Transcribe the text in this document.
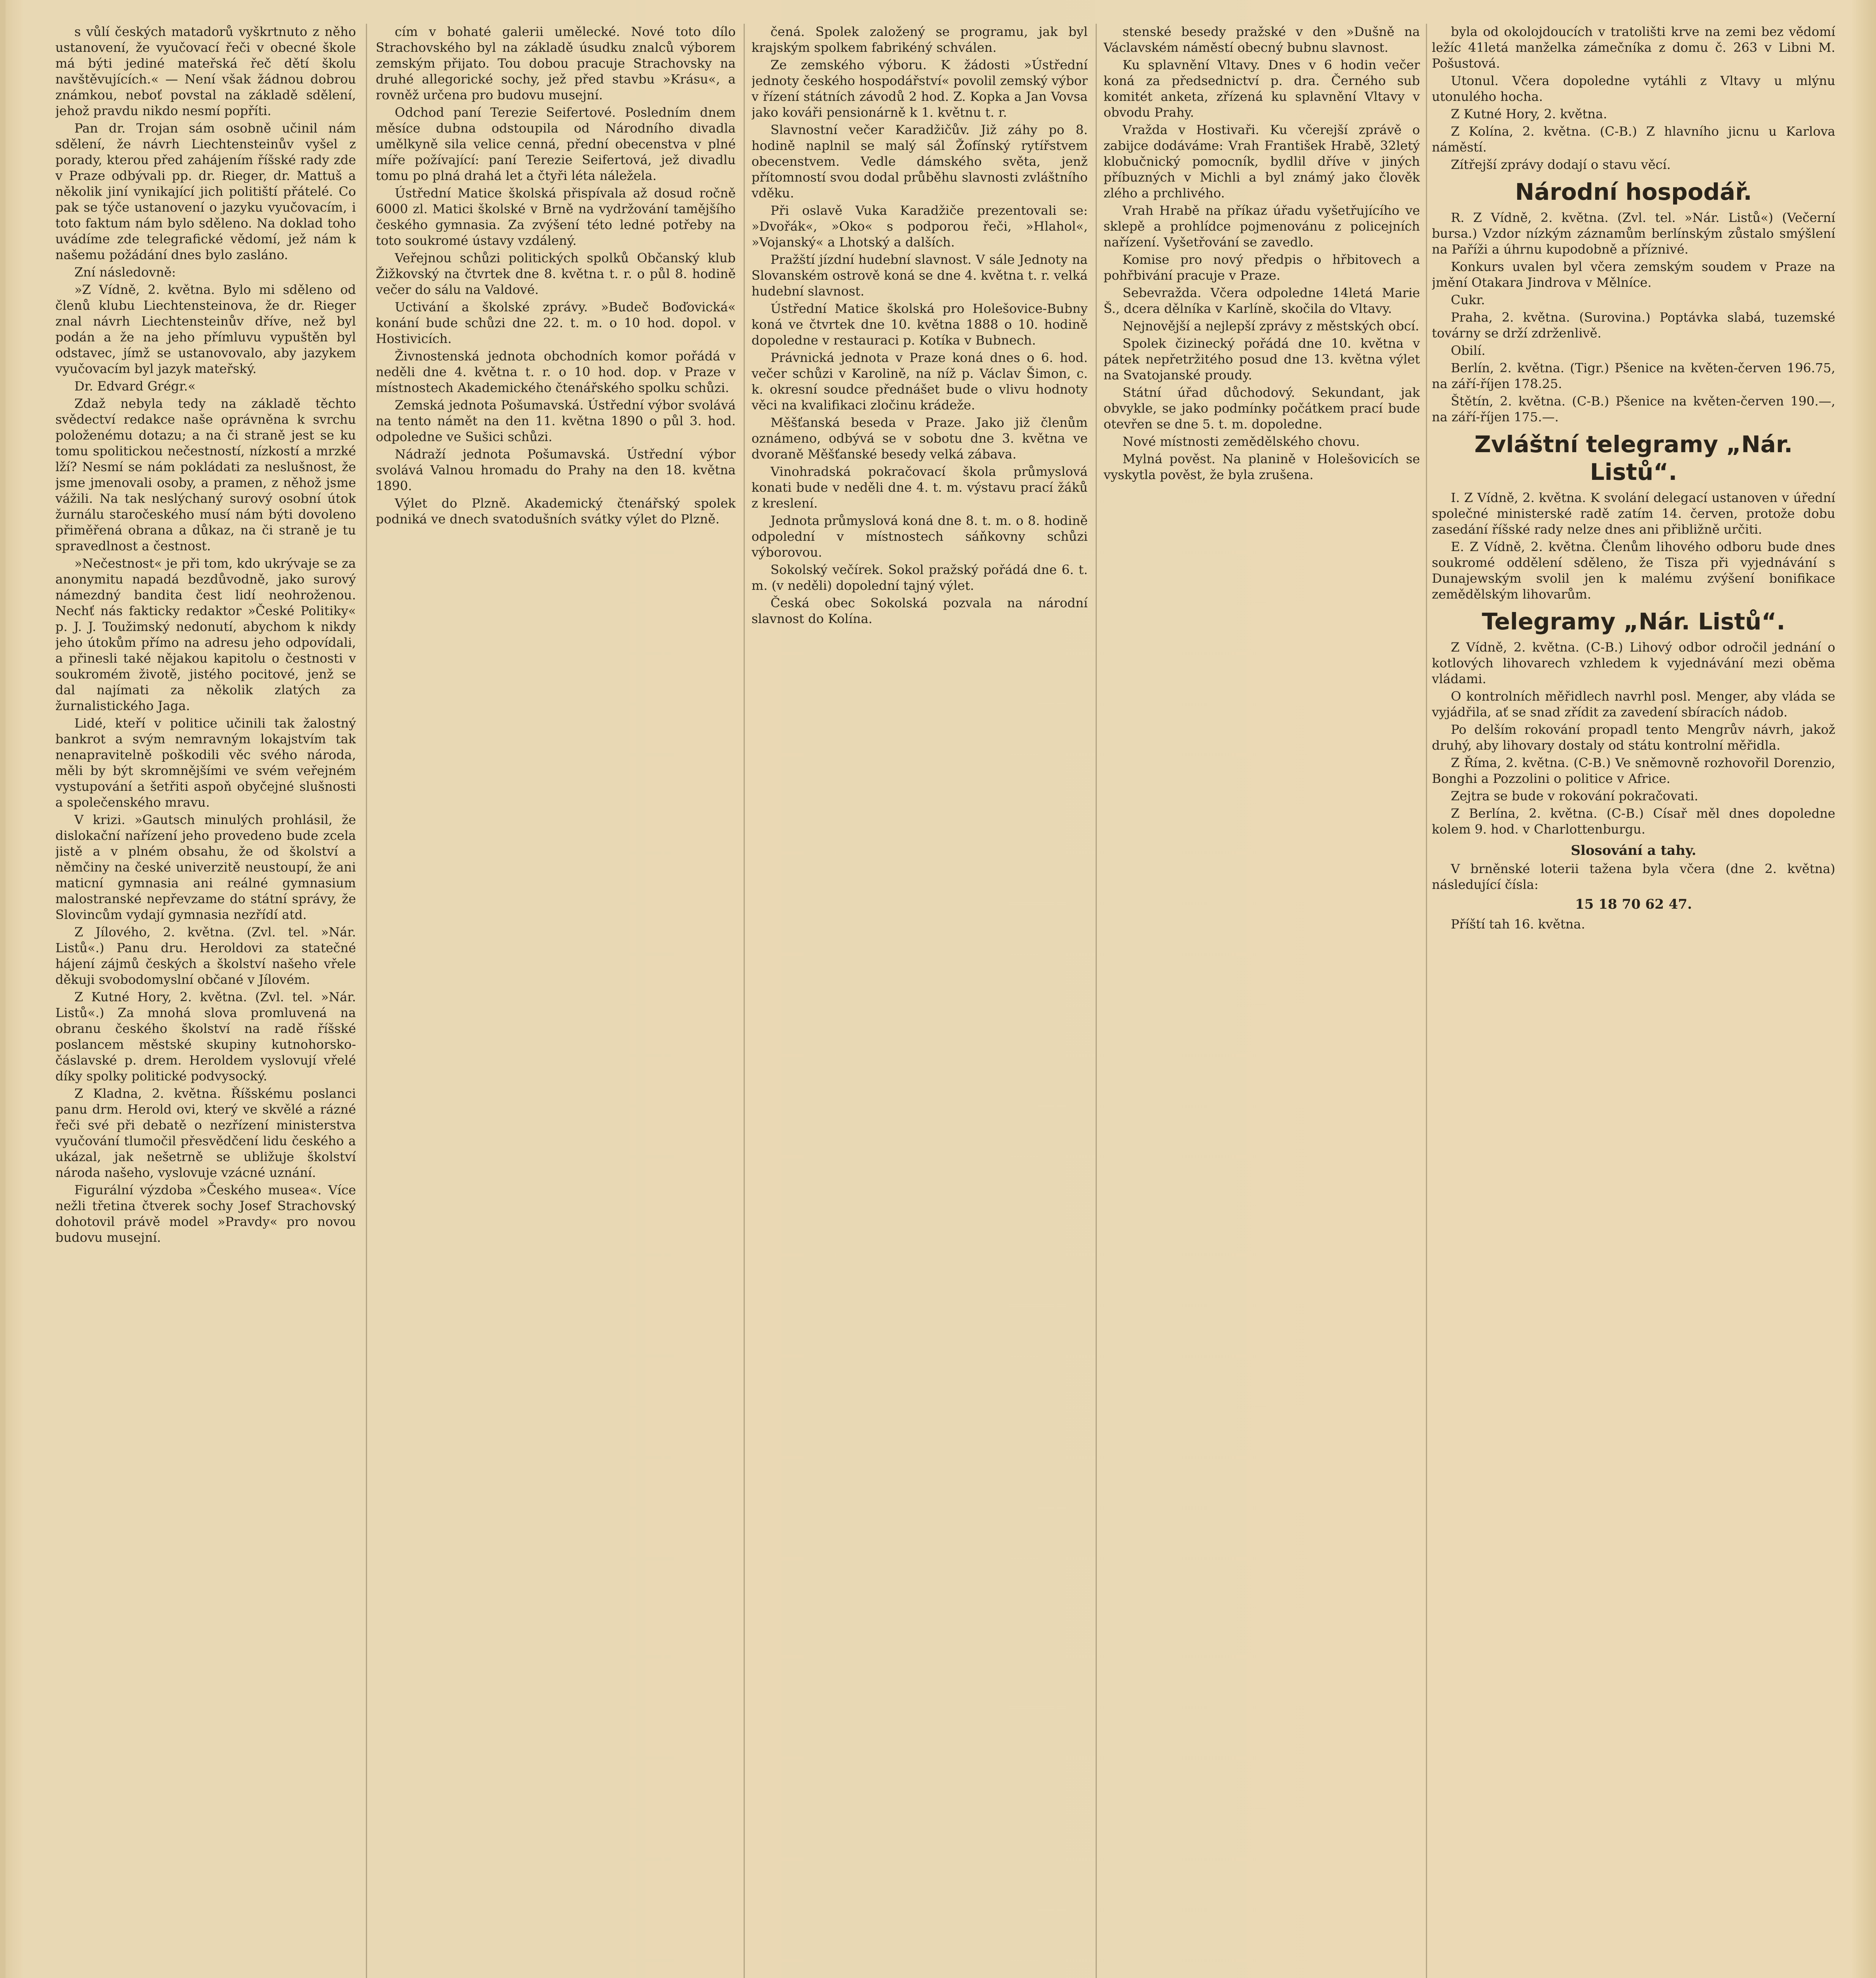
s vůlí českých matadorů vyškrtnuto z něho ustanovení, že vyučovací řeči v obecné škole má býti jediné mateřská řeč dětí školu navštěvujících.« — Není však žádnou dobrou známkou, neboť povstal na základě sdělení, jehož pravdu nikdo nesmí popříti.

Pan dr. Trojan sám osobně učinil nám sdělení, že návrh Liechtensteinův vyšel z porady, kterou před zahájením říšské rady zde v Praze odbývali pp. dr. Rieger, dr. Mattuš a několik jiní vynikající jich politiští přátelé. Co pak se týče ustanovení o jazyku vyučovacím, i toto faktum nám bylo sděleno. Na doklad toho uvádíme zde telegrafické vědomí, jež nám k našemu požádání dnes bylo zasláno.

Zní následovně:

»Z Vídně, 2. května. Bylo mi sděleno od členů klubu Liechtensteinova, že dr. Rieger znal návrh Liechtensteinův dříve, než byl podán a že na jeho přímluvu vypuštěn byl odstavec, jímž se ustanovovalo, aby jazykem vyučovacím byl jazyk mateřský.

Dr. Edvard Grégr.«

Zdaž nebyla tedy na základě těchto svědectví redakce naše oprávněna k svrchu položenému dotazu; a na či straně jest se ku tomu spolitickou nečestností, nízkostí a mrzké lží? Nesmí se nám pokládati za neslušnost, že jsme jmenovali osoby, a pramen, z něhož jsme vážili. Na tak neslýchaný surový osobní útok žurnálu staročeského musí nám býti dovoleno přiměřená obrana a důkaz, na či straně je tu spravedlnost a čestnost.

»Nečestnost« je při tom, kdo ukrývaje se za anonymitu napadá bezdůvodně, jako surový námezdný bandita čest lidí neohroženou. Nechť nás fakticky redaktor »České Politiky« p. J. J. Toužimský nedonutí, abychom k nikdy jeho útokům přímo na adresu jeho odpovídali, a přinesli také nějakou kapitolu o čestnosti v soukromém životě, jistého pocitové, jenž se dal najímati za několik zlatých za žurnalistického Jaga.

Lidé, kteří v politice učinili tak žalostný bankrot a svým nemravným lokajstvím tak nenapravitelně poškodili věc svého národa, měli by být skromnějšími ve svém veřejném vystupování a šetřiti aspoň obyčejné slušnosti a společenského mravu.

V krizi. »Gautsch minulých prohlásil, že dislokační nařízení jeho provedeno bude zcela jistě a v plném obsahu, že od školství a němčiny na české univerzitě neustoupí, že ani maticní gymnasia ani reálné gymnasium malostranské nepřevzame do státní správy, že Slovincům vydají gymnasia nezřídí atd.

Z Jílového, 2. května. (Zvl. tel. »Nár. Listů«.) Panu dru. Heroldovi za statečné hájení zájmů českých a školství našeho vřele děkuji svobodomyslní občané v Jílovém.

Z Kutné Hory, 2. května. (Zvl. tel. »Nár. Listů«.) Za mnohá slova promluvená na obranu českého školství na radě říšské poslancem městské skupiny kutnohorsko-čáslavské p. drem. Heroldem vyslovují vřelé díky spolky politické podvysocký.

Z Kladna, 2. května. Říšskému poslanci panu drm. Herold ovi, který ve skvělé a rázné řeči své při debatě o nezřízení ministerstva vyučování tlumočil přesvědčení lidu českého a ukázal, jak nešetrně se ubližuje školství národa našeho, vyslovuje vzácné uznání.

Figurální výzdoba »Českého musea«. Více nežli třetina čtverek sochy Josef Strachovský dohotovil právě model »Pravdy« pro novou budovu musejní.

cím v bohaté galerii umělecké. Nové toto dílo Strachovského byl na základě úsudku znalců výborem zemským přijato. Tou dobou pracuje Strachovsky na druhé allegorické sochy, jež před stavbu »Krásu«, a rovněž určena pro budovu musejní.

Odchod paní Terezie Seifertové. Posledním dnem měsíce dubna odstoupila od Národního divadla umělkyně sila velice cenná, přední obecenstva v plné míře požívající: paní Terezie Seifertová, jež divadlu tomu po plná drahá let a čtyři léta náležela.

Ústřední Matice školská přispívala až dosud ročně 6000 zl. Matici školské v Brně na vydržování tamějšího českého gymnasia. Za zvýšení této ledné potřeby na toto soukromé ústavy vzdálený.

Veřejnou schůzi politických spolků Občanský klub Žižkovský na čtvrtek dne 8. května t. r. o půl 8. hodině večer do sálu na Valdové.

Uctivání a školské zprávy. »Budeč Boďovická« konání bude schůzi dne 22. t. m. o 10 hod. dopol. v Hostivicích.

Živnostenská jednota obchodních komor pořádá v neděli dne 4. května t. r. o 10 hod. dop. v Praze v místnostech Akademického čtenářského spolku schůzi.

Zemská jednota Pošumavská. Ústřední výbor svolává na tento námět na den 11. května 1890 o půl 3. hod. odpoledne ve Sušici schůzi.

Nádraží jednota Pošumavská. Ústřední výbor svolává Valnou hromadu do Prahy na den 18. května 1890.

Výlet do Plzně. Akademický čtenářský spolek podniká ve dnech svatodušních svátky výlet do Plzně.

čená. Spolek založený se programu, jak byl krajským spolkem fabrikéný schválen.

Ze zemského výboru. K žádosti »Ústřední jednoty českého hospodářství« povolil zemský výbor v řízení státních závodů 2 hod. Z. Kopka a Jan Vovsa jako kováři pensionárně k 1. květnu t. r.

Slavnostní večer Karadžičův. Již záhy po 8. hodině naplnil se malý sál Žofínský rytířstvem obecenstvem. Vedle dámského světa, jenž přítomností svou dodal průběhu slavnosti zvláštního vděku.

Při oslavě Vuka Karadžiče prezentovali se: »Dvořák«, »Oko« s podporou řeči, »Hlahol«, »Vojanský« a Lhotský a dalších.

Pražští jízdní hudební slavnost. V sále Jednoty na Slovanském ostrově koná se dne 4. května t. r. velká hudební slavnost.

Ústřední Matice školská pro Holešovice-Bubny koná ve čtvrtek dne 10. května 1888 o 10. hodině dopoledne v restauraci p. Kotíka v Bubnech.

Právnická jednota v Praze koná dnes o 6. hod. večer schůzi v Karolině, na níž p. Václav Šimon, c. k. okresní soudce přednášet bude o vlivu hodnoty věci na kvalifikaci zločinu krádeže.

Měšťanská beseda v Praze. Jako již členům oznámeno, odbývá se v sobotu dne 3. května ve dvoraně Měšťanské besedy velká zábava.

Vinohradská pokračovací škola průmyslová konati bude v neděli dne 4. t. m. výstavu prací žáků z kreslení.

Jednota průmyslová koná dne 8. t. m. o 8. hodině odpolední v místnostech sáňkovny schůzi výborovou.

Sokolský večírek. Sokol pražský pořádá dne 6. t. m. (v neděli) dopolední tajný výlet.

Česká obec Sokolská pozvala na národní slavnost do Kolína.

stenské besedy pražské v den »Dušně na Václavském náměstí obecný bubnu slavnost.

Ku splavnění Vltavy. Dnes v 6 hodin večer koná za předsednictví p. dra. Černého sub komitét anketa, zřízená ku splavnění Vltavy v obvodu Prahy.

Vražda v Hostivaři. Ku včerejší zprávě o zabijce dodáváme: Vrah František Hrabě, 32letý klobučnický pomocník, bydlil dříve v jiných příbuzných v Michli a byl známý jako člověk zlého a prchlivého.

Vrah Hrabě na příkaz úřadu vyšetřujícího ve sklepě a prohlídce pojmenovánu z policejních nařízení. Vyšetřování se zavedlo.

Komise pro nový předpis o hřbitovech a pohřbivání pracuje v Praze.

Sebevražda. Včera odpoledne 14letá Marie Š., dcera dělníka v Karlíně, skočila do Vltavy.

Nejnovější a nejlepší zprávy z městských obcí.

Spolek čizinecký pořádá dne 10. května v pátek nepřetržitého posud dne 13. května výlet na Svatojanské proudy.

Státní úřad důchodový. Sekundant, jak obvykle, se jako podmínky počátkem prací bude otevřen se dne 5. t. m. dopoledne.

Nové místnosti zemědělského chovu.

Mylná pověst. Na planině v Holešovicích se vyskytla pověst, že byla zrušena.

byla od okolojdoucích v tratolišti krve na zemi bez vědomí ležíc 41letá manželka zámečníka z domu č. 263 v Libni M. Pošustová.

Utonul. Včera dopoledne vytáhli z Vltavy u mlýnu utonulého hocha.

Z Kutné Hory, 2. května.

Z Kolína, 2. května. (C-B.) Z hlavního jicnu u Karlova náměstí.

Zítřejší zprávy dodají o stavu věcí.

Národní hospodář.

R. Z Vídně, 2. května. (Zvl. tel. »Nár. Listů«) (Večerní bursa.) Vzdor nízkým záznamům berlínským zůstalo smýšlení na Paříži a úhrnu kupodobně a příznivé.

Konkurs uvalen byl včera zemským soudem v Praze na jmění Otakara Jindrova v Mělníce.

Cukr.

Praha, 2. května. (Surovina.) Poptávka slabá, tuzemské továrny se drží zdrženlivě.

Obilí.

Berlín, 2. května. (Tigr.) Pšenice na květen-červen 196.75, na září-říjen 178.25.

Štětín, 2. května. (C-B.) Pšenice na květen-červen 190.—, na září-říjen 175.—.

Zvláštní telegramy „Nár. Listů“.

I. Z Vídně, 2. května. K svolání delegací ustanoven v úřední společné ministerské radě zatím 14. červen, protože dobu zasedání říšské rady nelze dnes ani přibližně určiti.

E. Z Vídně, 2. května. Členům lihového odboru bude dnes soukromé oddělení sděleno, že Tisza při vyjednávání s Dunajewským svolil jen k malému zvýšení bonifikace zemědělským lihovarům.

Telegramy „Nár. Listů“.

Z Vídně, 2. května. (C-B.) Lihový odbor odročil jednání o kotlových lihovarech vzhledem k vyjednávání mezi oběma vládami.

O kontrolních měřidlech navrhl posl. Menger, aby vláda se vyjádřila, ať se snad zřídit za zavedení sbíracích nádob.

Po delším rokování propadl tento Mengrův návrh, jakož druhý, aby lihovary dostaly od státu kontrolní měřidla.

Z Říma, 2. května. (C-B.) Ve sněmovně rozhovořil Dorenzio, Bonghi a Pozzolini o politice v Africe.

Zejtra se bude v rokování pokračovati.

Z Berlína, 2. května. (C-B.) Císař měl dnes dopoledne kolem 9. hod. v Charlottenburgu.

Slosování a tahy.

V brněnské loterii tažena byla včera (dne 2. května) následující čísla:

15 18 70 62 47.

Příští tah 16. května.
